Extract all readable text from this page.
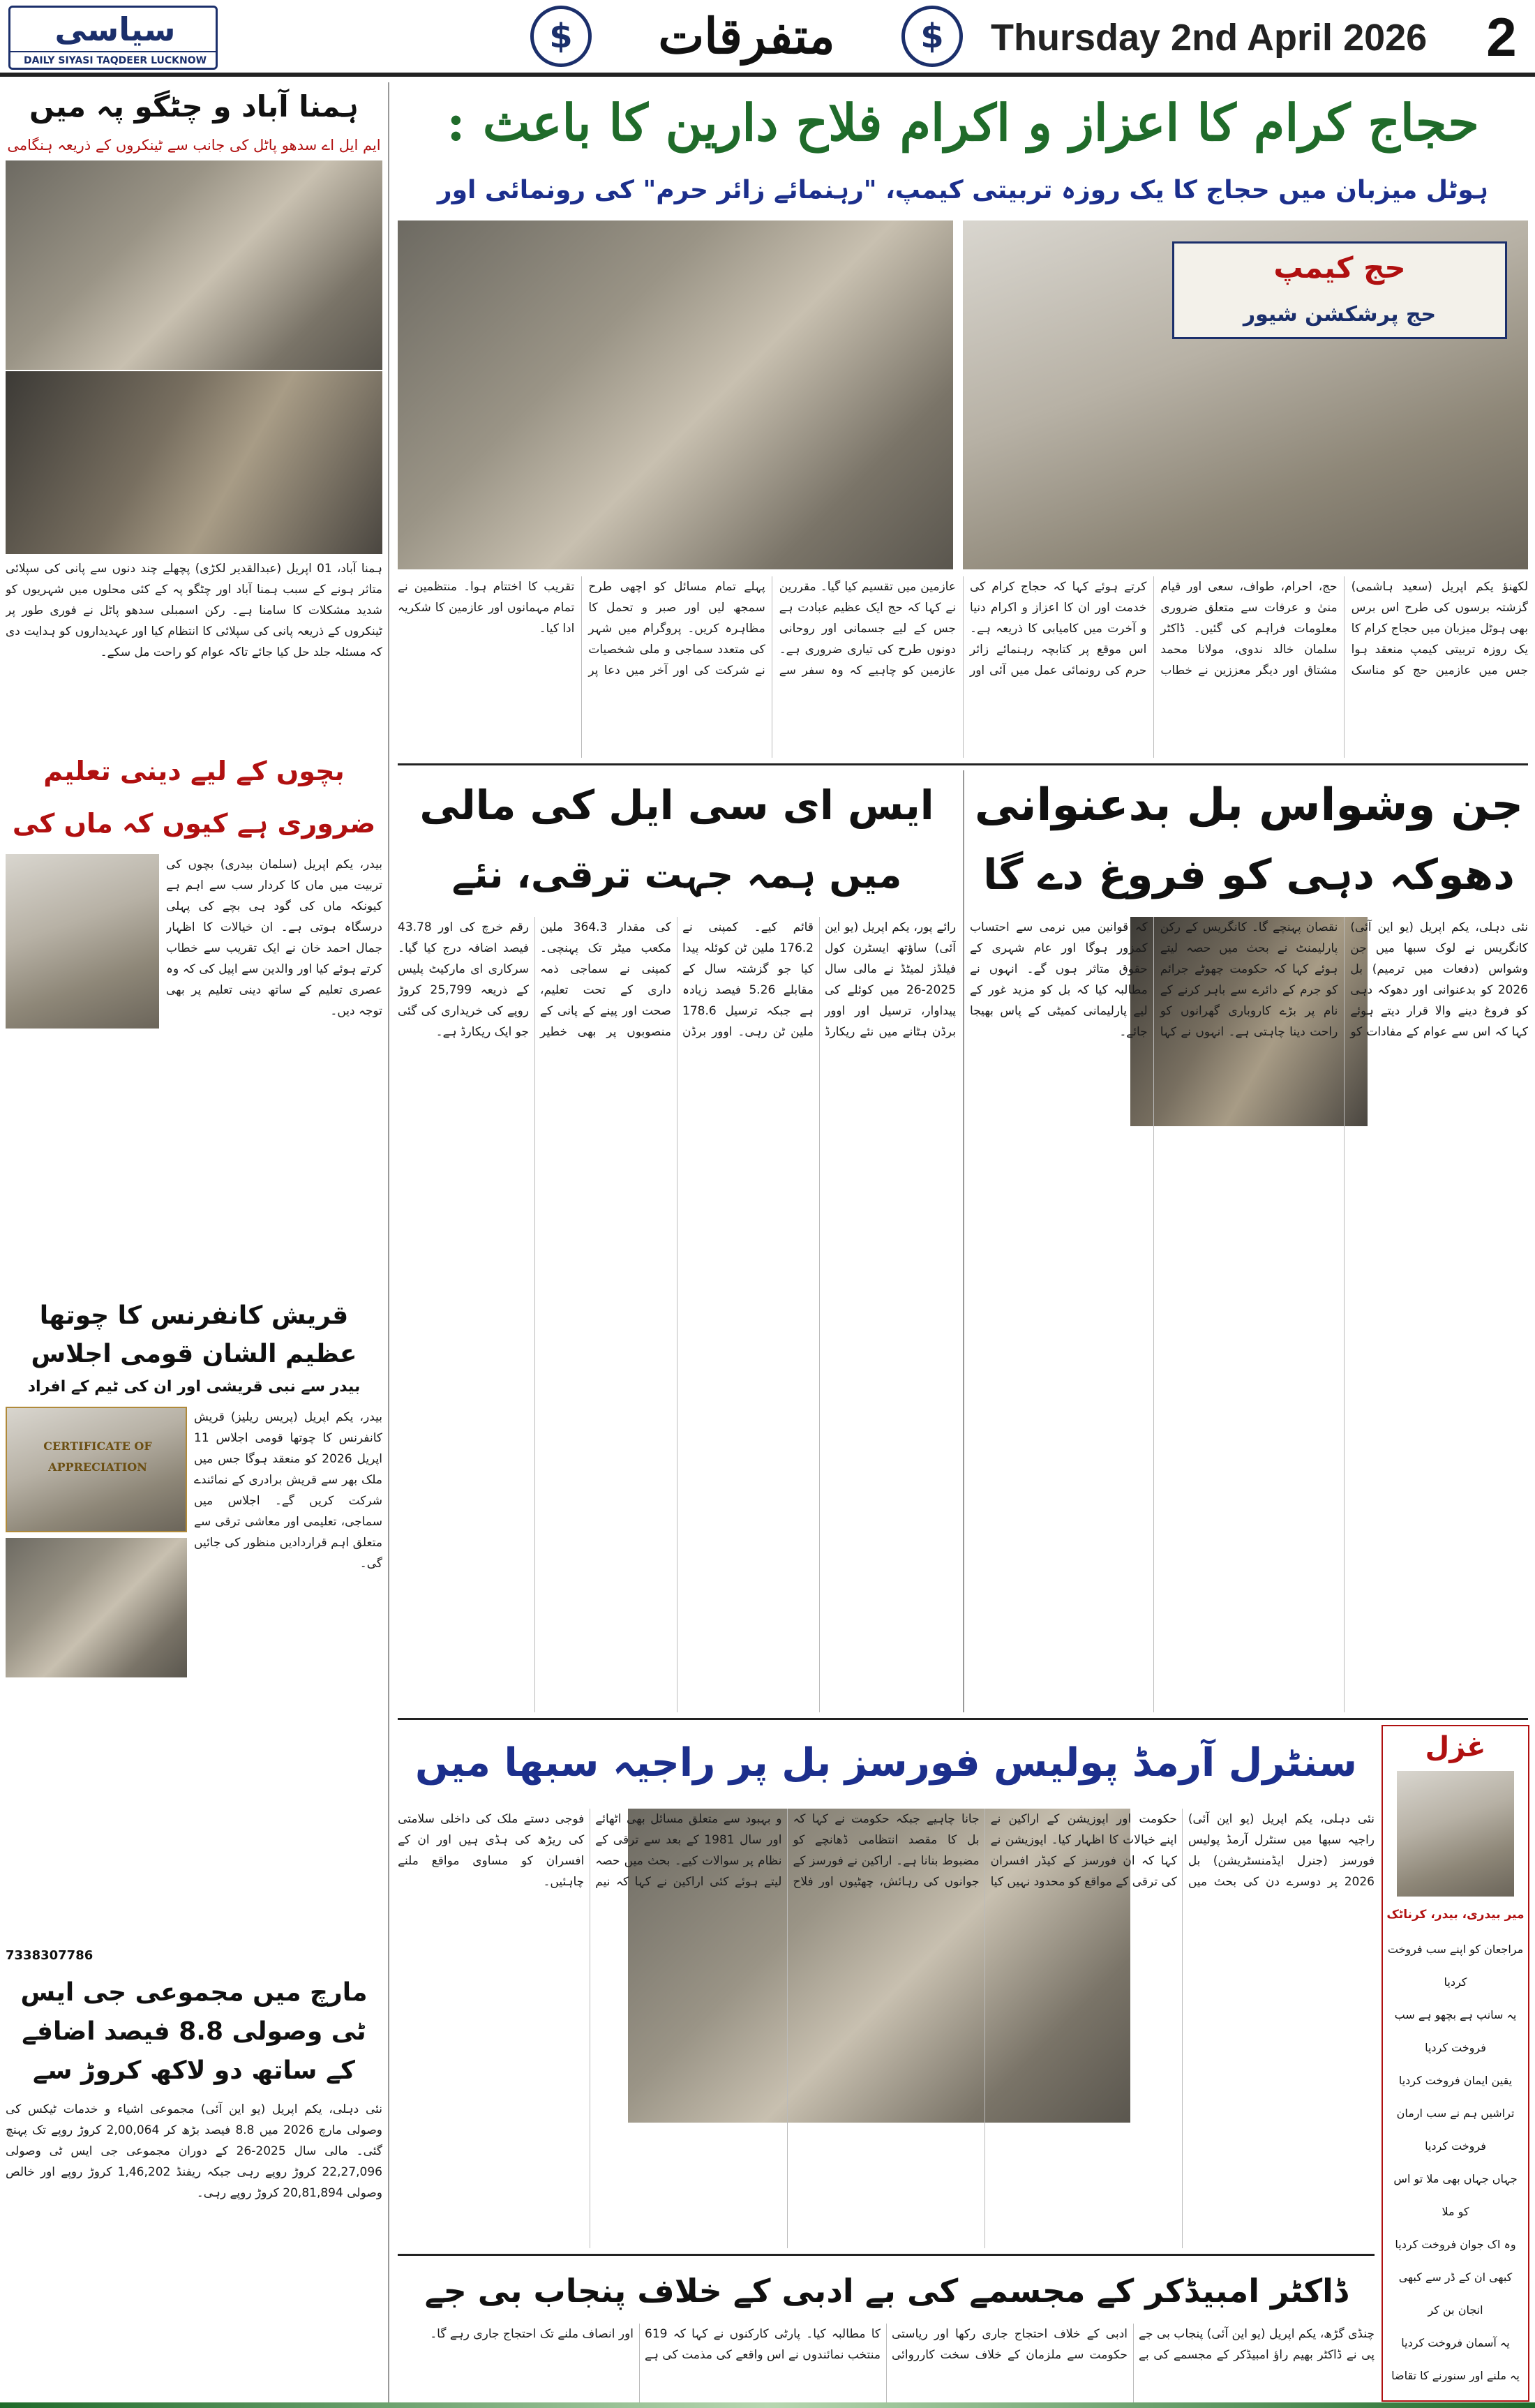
سیاسی
DAILY SIYASI TAQDEER LUCKNOW
$	متفرقات	$	Thursday 2nd April 2026	2
ہمنا آباد و چٹگو پہ میں
ایم ایل اے سدھو پاٹل کی جانب سے ٹینکروں کے ذریعہ ہنگامی
ہمنا آباد، 01 اپریل (عبدالقدیر لکڑی) پچھلے چند دنوں سے پانی کی سپلائی متاثر ہونے کے سبب ہمنا آباد اور چٹگو پہ کے کئی محلوں میں شہریوں کو شدید مشکلات کا سامنا ہے۔ رکن اسمبلی سدھو پاٹل نے فوری طور پر ٹینکروں کے ذریعہ پانی کی سپلائی کا انتظام کیا اور عہدیداروں کو ہدایت دی کہ مسئلہ جلد حل کیا جائے تاکہ عوام کو راحت مل سکے۔
بچوں کے لیے دینی تعلیم ضروری ہے کیوں کہ ماں کی
بیدر، یکم اپریل (سلمان بیدری) بچوں کی تربیت میں ماں کا کردار سب سے اہم ہے کیونکہ ماں کی گود ہی بچے کی پہلی درسگاہ ہوتی ہے۔ ان خیالات کا اظہار جمال احمد خان نے ایک تقریب سے خطاب کرتے ہوئے کیا اور والدین سے اپیل کی کہ وہ عصری تعلیم کے ساتھ دینی تعلیم پر بھی توجہ دیں۔
قریش کانفرنس کا چوتھا عظیم الشان قومی اجلاس
بیدر سے نبی قریشی اور ان کی ٹیم کے افراد
CERTIFICATE OF APPRECIATION
بیدر، یکم اپریل (پریس ریلیز) قریش کانفرنس کا چوتھا قومی اجلاس 11 اپریل 2026 کو منعقد ہوگا جس میں ملک بھر سے قریش برادری کے نمائندے شرکت کریں گے۔ اجلاس میں سماجی، تعلیمی اور معاشی ترقی سے متعلق اہم قراردادیں منظور کی جائیں گی۔
7338307786
مارچ میں مجموعی جی ایس ٹی وصولی 8.8 فیصد اضافے کے ساتھ دو لاکھ کروڑ سے
نئی دہلی، یکم اپریل (یو این آئی) مجموعی اشیاء و خدمات ٹیکس کی وصولی مارچ 2026 میں 8.8 فیصد بڑھ کر 2,00,064 کروڑ روپے تک پہنچ گئی۔ مالی سال 2025-26 کے دوران مجموعی جی ایس ٹی وصولی 22,27,096 کروڑ روپے رہی جبکہ ریفنڈ 1,46,202 کروڑ روپے اور خالص وصولی 20,81,894 کروڑ روپے رہی۔
حجاج کرام کا اعزاز و اکرام فلاح دارین کا باعث :
ہوٹل میزبان میں حجاج کا یک روزہ تربیتی کیمپ، "رہنمائے زائر حرم" کی رونمائی اور
حج کیمپ
حج پرشکشن شیور
لکھنؤ یکم اپریل (سعید ہاشمی) گزشتہ برسوں کی طرح اس برس بھی ہوٹل میزبان میں حجاج کرام کا یک روزہ تربیتی کیمپ منعقد ہوا جس میں عازمین حج کو مناسک حج، احرام، طواف، سعی اور قیام منیٰ و عرفات سے متعلق ضروری معلومات فراہم کی گئیں۔ ڈاکٹر سلمان خالد ندوی، مولانا محمد مشتاق اور دیگر معززین نے خطاب کرتے ہوئے کہا کہ حجاج کرام کی خدمت اور ان کا اعزاز و اکرام دنیا و آخرت میں کامیابی کا ذریعہ ہے۔ اس موقع پر کتابچہ رہنمائے زائر حرم کی رونمائی عمل میں آئی اور عازمین میں تقسیم کیا گیا۔ مقررین نے کہا کہ حج ایک عظیم عبادت ہے جس کے لیے جسمانی اور روحانی دونوں طرح کی تیاری ضروری ہے۔ عازمین کو چاہیے کہ وہ سفر سے پہلے تمام مسائل کو اچھی طرح سمجھ لیں اور صبر و تحمل کا مظاہرہ کریں۔ پروگرام میں شہر کی متعدد سماجی و ملی شخصیات نے شرکت کی اور آخر میں دعا پر تقریب کا اختتام ہوا۔ منتظمین نے تمام مہمانوں اور عازمین کا شکریہ ادا کیا۔
جن وشواس بل بدعنوانی
دھوکہ دہی کو فروغ دے گا
نئی دہلی، یکم اپریل (یو این آئی) کانگریس نے لوک سبھا میں جن وشواس (دفعات میں ترمیم) بل 2026 کو بدعنوانی اور دھوکہ دہی کو فروغ دینے والا قرار دیتے ہوئے کہا کہ اس سے عوام کے مفادات کو نقصان پہنچے گا۔ کانگریس کے رکن پارلیمنٹ نے بحث میں حصہ لیتے ہوئے کہا کہ حکومت چھوٹے جرائم کو جرم کے دائرے سے باہر کرنے کے نام پر بڑے کاروباری گھرانوں کو راحت دینا چاہتی ہے۔ انہوں نے کہا کہ قوانین میں نرمی سے احتساب کمزور ہوگا اور عام شہری کے حقوق متاثر ہوں گے۔ انہوں نے مطالبہ کیا کہ بل کو مزید غور کے لیے پارلیمانی کمیٹی کے پاس بھیجا جائے۔
ایس ای سی ایل کی مالی
میں ہمہ جہت ترقی، نئے
رائے پور، یکم اپریل (یو این آئی) ساؤتھ ایسٹرن کول فیلڈز لمیٹڈ نے مالی سال 2025-26 میں کوئلے کی پیداوار، ترسیل اور اوور برڈن ہٹانے میں نئے ریکارڈ قائم کیے۔ کمپنی نے 176.2 ملین ٹن کوئلہ پیدا کیا جو گزشتہ سال کے مقابلے 5.26 فیصد زیادہ ہے جبکہ ترسیل 178.6 ملین ٹن رہی۔ اوور برڈن کی مقدار 364.3 ملین مکعب میٹر تک پہنچی۔ کمپنی نے سماجی ذمہ داری کے تحت تعلیم، صحت اور پینے کے پانی کے منصوبوں پر بھی خطیر رقم خرچ کی اور 43.78 فیصد اضافہ درج کیا گیا۔ سرکاری ای مارکیٹ پلیس کے ذریعہ 25,799 کروڑ روپے کی خریداری کی گئی جو ایک ریکارڈ ہے۔
غزل
میر بیدری، بیدر، کرناٹک
مراجعان کو اپنے سب فروخت کردیا
یہ سانپ ہے بچھو ہے سب فروخت کردیا
یقین ایمان فروخت کردیا
تراشیں ہم نے سب ارمان فروخت کردیا
جہاں جہاں بھی ملا تو اس کو ملا
وہ اک جوان فروخت کردیا
کبھی ان کے ڈر سے کبھی انجان بن کر
یہ آسمان فروخت کردیا
یہ ملنے اور سنورنے کا تقاضا
سنٹرل آرمڈ پولیس فورسز بل پر راجیہ سبھا میں
نئی دہلی، یکم اپریل (یو این آئی) راجیہ سبھا میں سنٹرل آرمڈ پولیس فورسز (جنرل ایڈمنسٹریشن) بل 2026 پر دوسرے دن کی بحث میں حکومت اور اپوزیشن کے اراکین نے اپنے خیالات کا اظہار کیا۔ اپوزیشن نے کہا کہ ان فورسز کے کیڈر افسران کی ترقی کے مواقع کو محدود نہیں کیا جانا چاہیے جبکہ حکومت نے کہا کہ بل کا مقصد انتظامی ڈھانچے کو مضبوط بنانا ہے۔ اراکین نے فورسز کے جوانوں کی رہائش، چھٹیوں اور فلاح و بہبود سے متعلق مسائل بھی اٹھائے اور سال 1981 کے بعد سے ترقی کے نظام پر سوالات کیے۔ بحث میں حصہ لیتے ہوئے کئی اراکین نے کہا کہ نیم فوجی دستے ملک کی داخلی سلامتی کی ریڑھ کی ہڈی ہیں اور ان کے افسران کو مساوی مواقع ملنے چاہئیں۔
ڈاکٹر امبیڈکر کے مجسمے کی بے ادبی کے خلاف پنجاب بی جے
چنڈی گڑھ، یکم اپریل (یو این آئی) پنجاب بی جے پی نے ڈاکٹر بھیم راؤ امبیڈکر کے مجسمے کی بے ادبی کے خلاف احتجاج جاری رکھا اور ریاستی حکومت سے ملزمان کے خلاف سخت کارروائی کا مطالبہ کیا۔ پارٹی کارکنوں نے کہا کہ 619 منتخب نمائندوں نے اس واقعے کی مذمت کی ہے اور انصاف ملنے تک احتجاج جاری رہے گا۔
